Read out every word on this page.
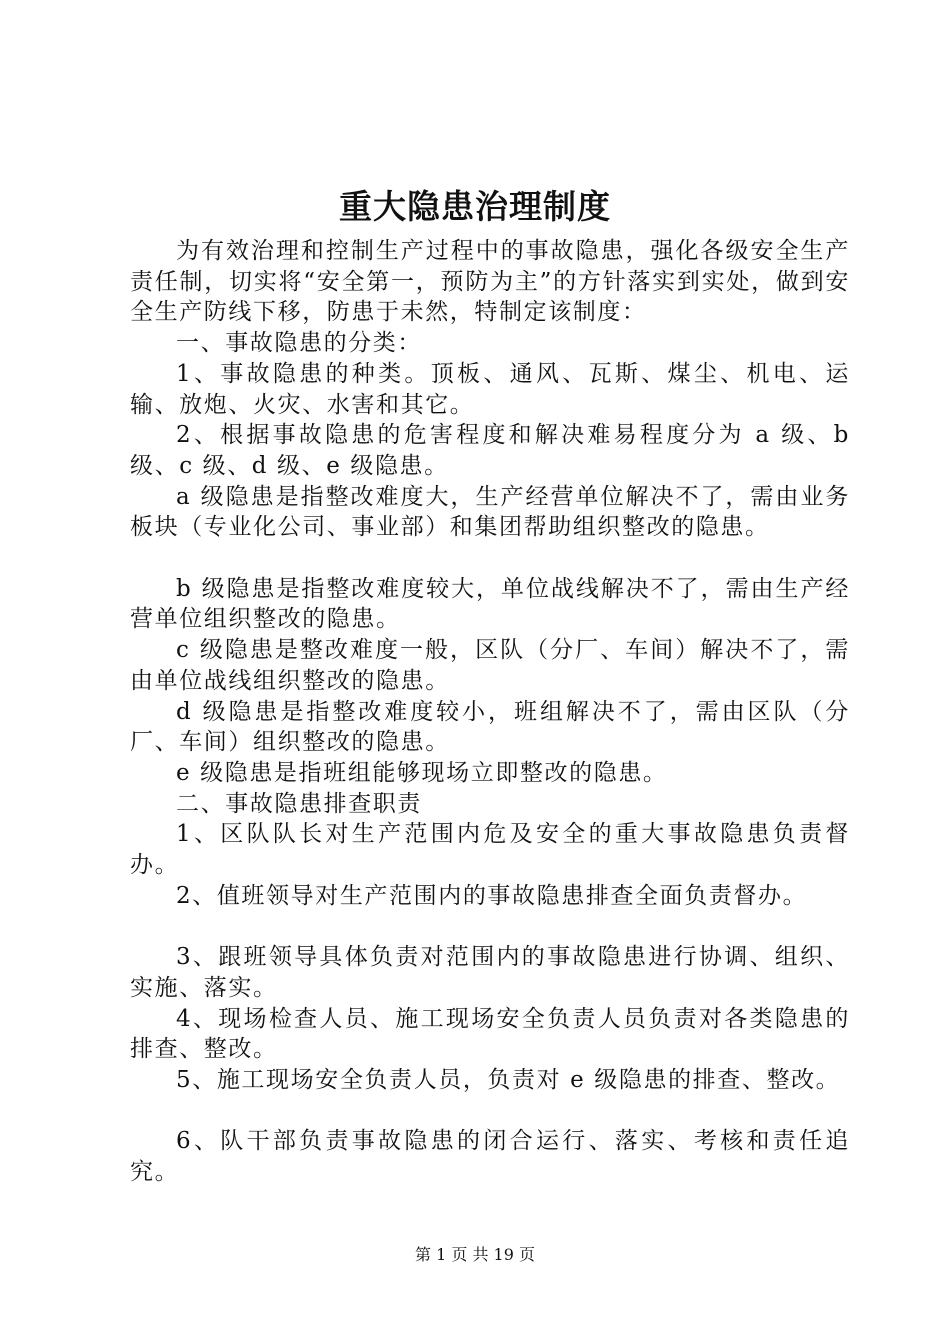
重大隐患治理制度

为有效治理和控制生产过程中的事故隐患，强化各级安全生产责任制，切实将“安全第一，预防为主”的方针落实到实处，做到安全生产防线下移，防患于未然，特制定该制度：

一、事故隐患的分类：

1、事故隐患的种类。顶板、通风、瓦斯、煤尘、机电、运输、放炮、火灾、水害和其它。

2、根据事故隐患的危害程度和解决难易程度分为 a 级、b 级、c 级、d 级、e 级隐患。

a 级隐患是指整改难度大，生产经营单位解决不了，需由业务板块（专业化公司、事业部）和集团帮助组织整改的隐患。

b 级隐患是指整改难度较大，单位战线解决不了，需由生产经营单位组织整改的隐患。

c 级隐患是整改难度一般，区队（分厂、车间）解决不了，需由单位战线组织整改的隐患。

d 级隐患是指整改难度较小，班组解决不了，需由区队（分厂、车间）组织整改的隐患。

e 级隐患是指班组能够现场立即整改的隐患。

二、事故隐患排查职责

1、区队队长对生产范围内危及安全的重大事故隐患负责督办。

2、值班领导对生产范围内的事故隐患排查全面负责督办。

3、跟班领导具体负责对范围内的事故隐患进行协调、组织、实施、落实。

4、现场检查人员、施工现场安全负责人员负责对各类隐患的排查、整改。

5、施工现场安全负责人员，负责对 e 级隐患的排查、整改。

6、队干部负责事故隐患的闭合运行、落实、考核和责任追究。

第 1 页 共 19 页
